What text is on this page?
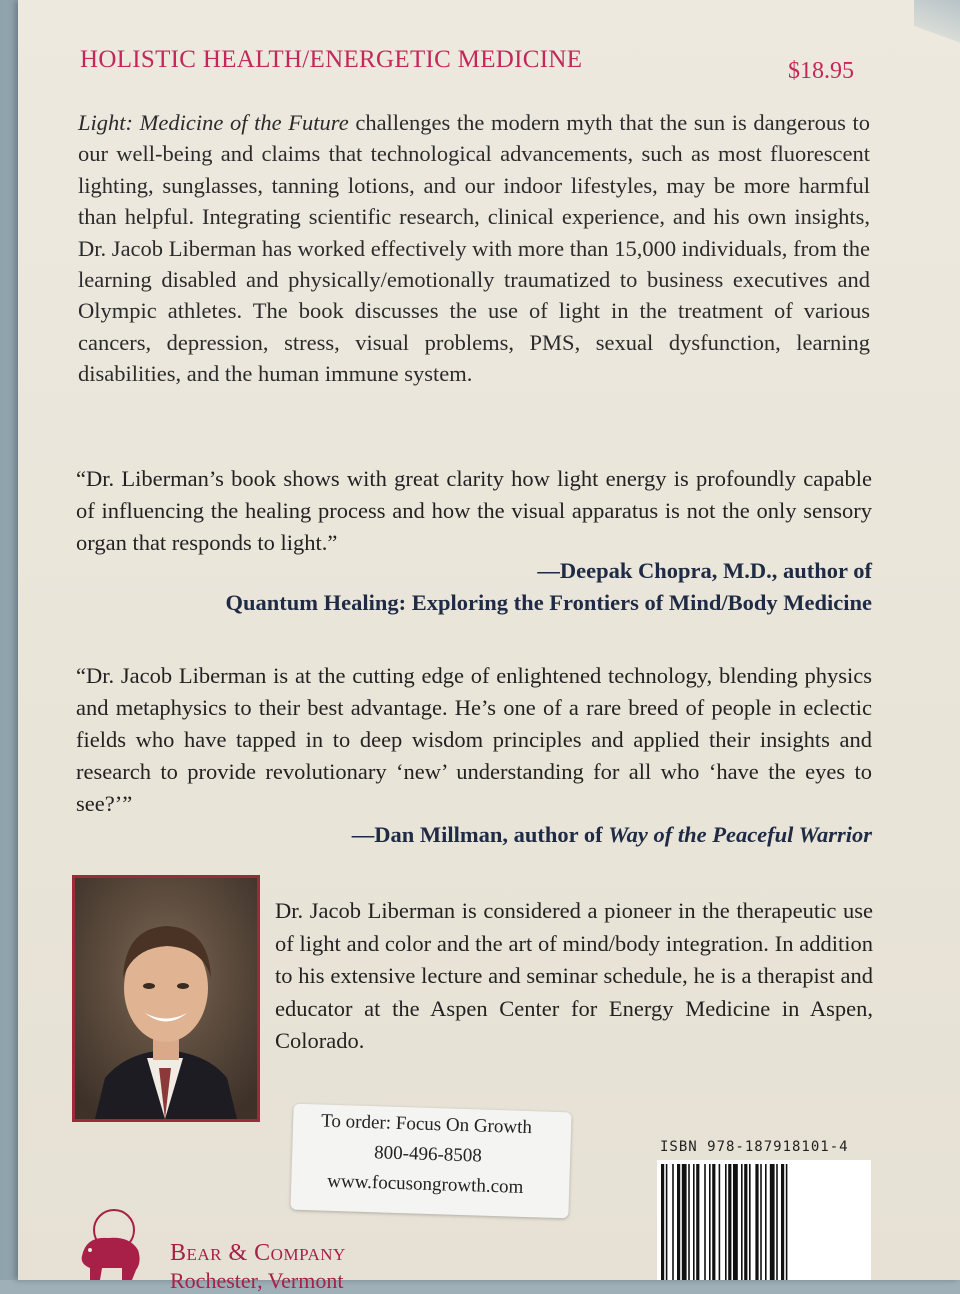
HOLISTIC HEALTH/ENERGETIC MEDICINE	$18.95
Light: Medicine of the Future challenges the modern myth that the sun is dangerous to our well-being and claims that technological advancements, such as most fluorescent lighting, sunglasses, tanning lotions, and our indoor lifestyles, may be more harmful than helpful. Integrating scientific research, clinical experience, and his own insights, Dr. Jacob Liberman has worked effectively with more than 15,000 individuals, from the learning disabled and physically/emotionally traumatized to business executives and Olympic athletes. The book discusses the use of light in the treatment of various cancers, depression, stress, visual problems, PMS, sexual dysfunction, learning disabilities, and the human immune system.
“Dr. Liberman’s book shows with great clarity how light energy is profoundly capable of influencing the healing process and how the visual apparatus is not the only sensory organ that responds to light.”
—Deepak Chopra, M.D., author of
Quantum Healing: Exploring the Frontiers of Mind/Body Medicine
“Dr. Jacob Liberman is at the cutting edge of enlightened technology, blending physics and metaphysics to their best advantage. He’s one of a rare breed of people in eclectic fields who have tapped in to deep wisdom principles and applied their insights and research to provide revolutionary ‘new’ understanding for all who ‘have the eyes to see?’”
—Dan Millman, author of Way of the Peaceful Warrior
Dr. Jacob Liberman is considered a pioneer in the therapeutic use of light and color and the art of mind/body integration. In addition to his extensive lecture and seminar schedule, he is a therapist and educator at the Aspen Center for Energy Medicine in Aspen, Colorado.
To order: Focus On Growth
800-496-8508
www.focusongrowth.com
ISBN 978-187918101-4
Bear & Company
Rochester, Vermont
